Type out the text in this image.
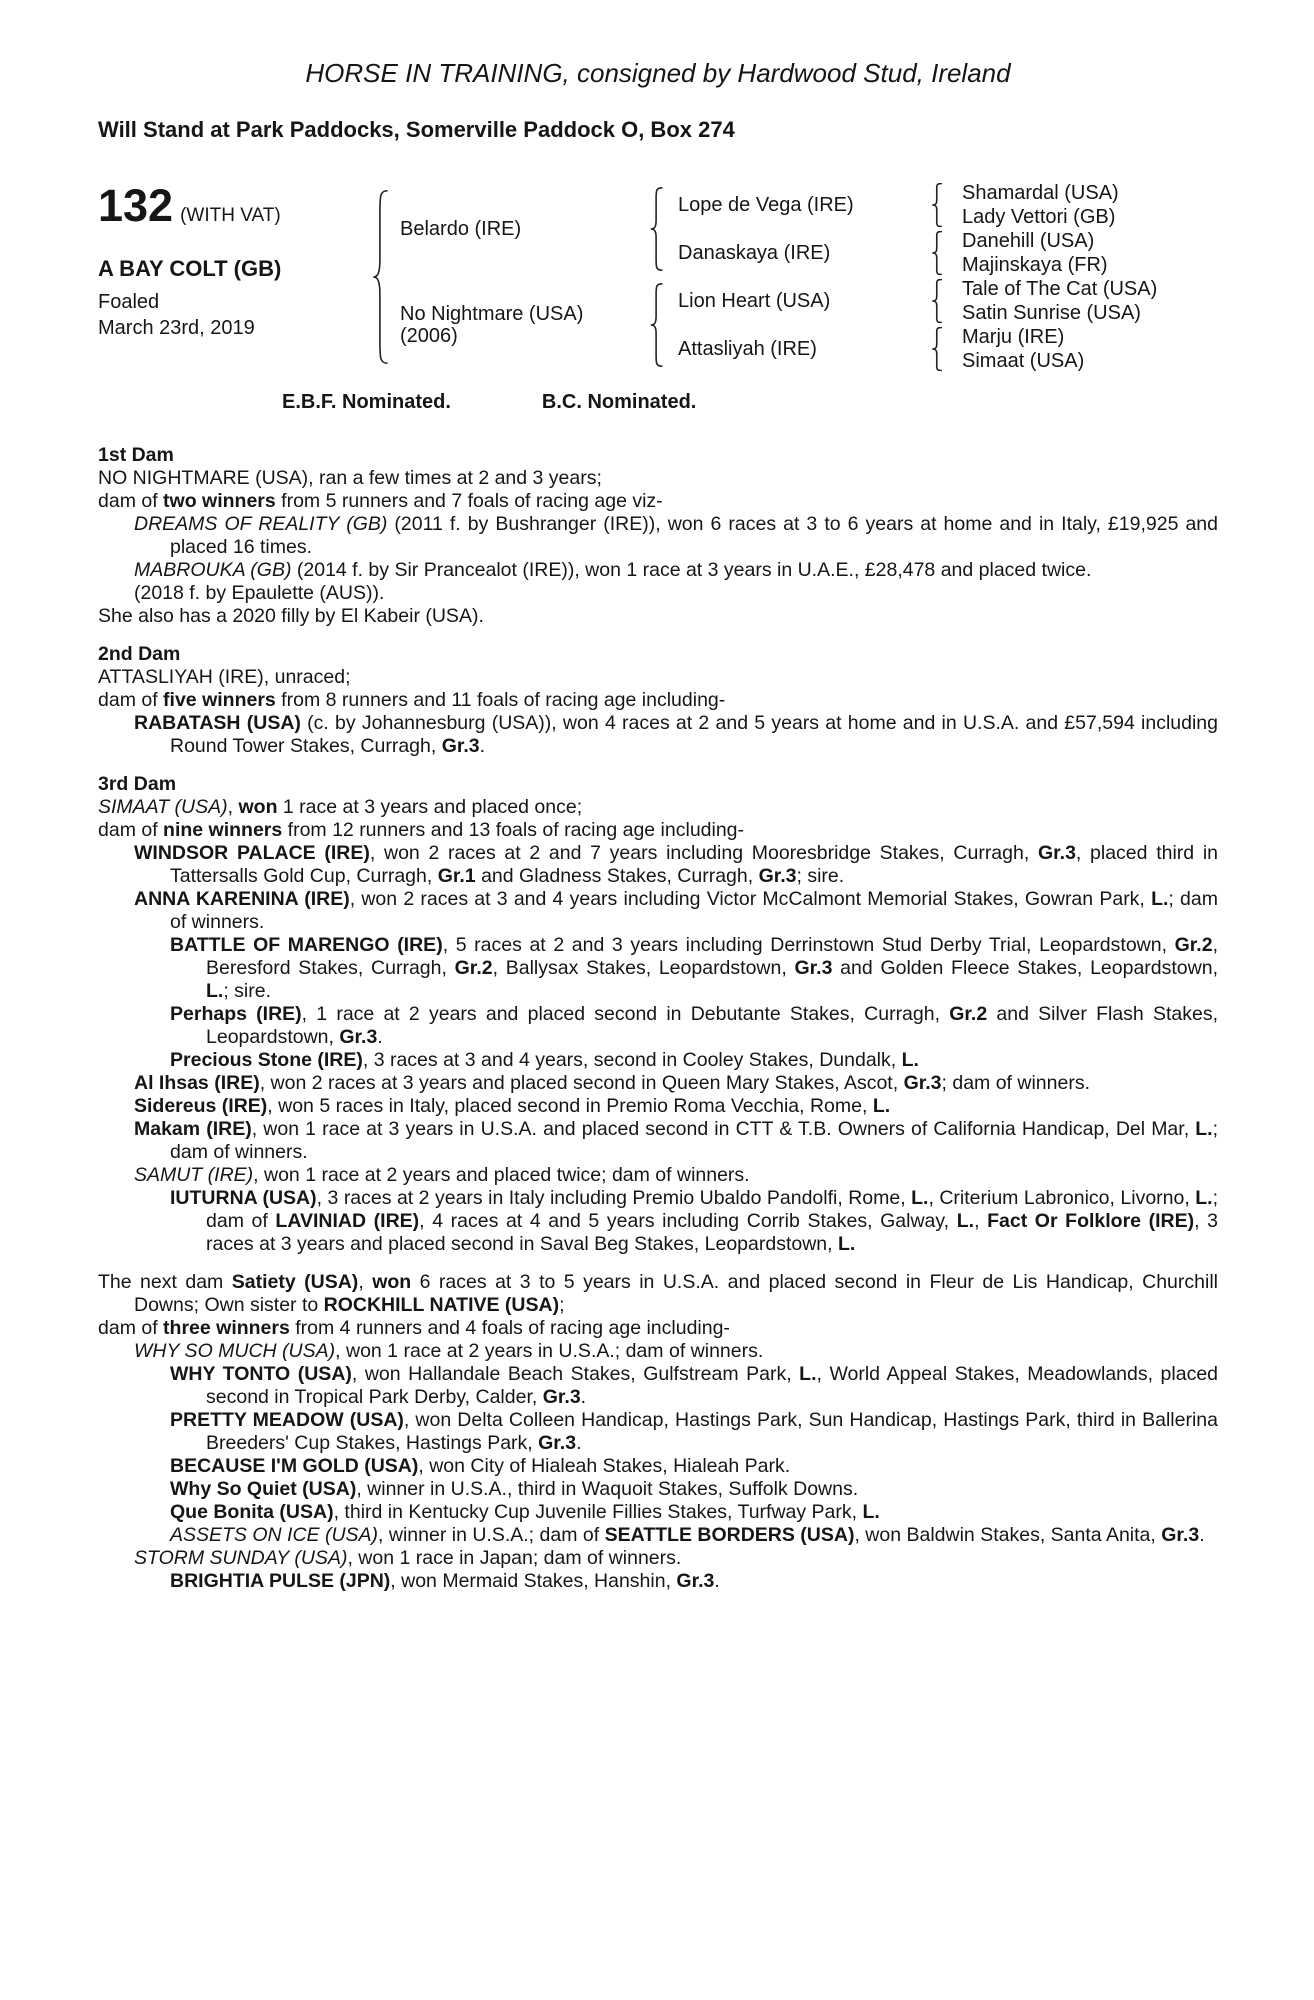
HORSE IN TRAINING, consigned by Hardwood Stud, Ireland
Will Stand at Park Paddocks, Somerville Paddock O, Box 274
132 (WITH VAT)
A BAY COLT (GB)
Foaled
March 23rd, 2019
Belardo (IRE)
No Nightmare (USA)
(2006)
Lope de Vega (IRE)
Danaskaya (IRE)
Lion Heart (USA)
Attasliyah (IRE)
Shamardal (USA)
Lady Vettori (GB)
Danehill (USA)
Majinskaya (FR)
Tale of The Cat (USA)
Satin Sunrise (USA)
Marju (IRE)
Simaat (USA)
E.B.F. Nominated.	B.C. Nominated.
1st Dam
NO NIGHTMARE (USA), ran a few times at 2 and 3 years;
dam of two winners from 5 runners and 7 foals of racing age viz-
DREAMS OF REALITY (GB) (2011 f. by Bushranger (IRE)), won 6 races at 3 to 6 years at home and in Italy, £19,925 and placed 16 times.
MABROUKA (GB) (2014 f. by Sir Prancealot (IRE)), won 1 race at 3 years in U.A.E., £28,478 and placed twice.
(2018 f. by Epaulette (AUS)).
She also has a 2020 filly by El Kabeir (USA).
2nd Dam
ATTASLIYAH (IRE), unraced;
dam of five winners from 8 runners and 11 foals of racing age including-
RABATASH (USA) (c. by Johannesburg (USA)), won 4 races at 2 and 5 years at home and in U.S.A. and £57,594 including Round Tower Stakes, Curragh, Gr.3.
3rd Dam
SIMAAT (USA), won 1 race at 3 years and placed once;
dam of nine winners from 12 runners and 13 foals of racing age including-
WINDSOR PALACE (IRE), won 2 races at 2 and 7 years including Mooresbridge Stakes, Curragh, Gr.3, placed third in Tattersalls Gold Cup, Curragh, Gr.1 and Gladness Stakes, Curragh, Gr.3; sire.
ANNA KARENINA (IRE), won 2 races at 3 and 4 years including Victor McCalmont Memorial Stakes, Gowran Park, L.; dam of winners.
BATTLE OF MARENGO (IRE), 5 races at 2 and 3 years including Derrinstown Stud Derby Trial, Leopardstown, Gr.2, Beresford Stakes, Curragh, Gr.2, Ballysax Stakes, Leopardstown, Gr.3 and Golden Fleece Stakes, Leopardstown, L.; sire.
Perhaps (IRE), 1 race at 2 years and placed second in Debutante Stakes, Curragh, Gr.2 and Silver Flash Stakes, Leopardstown, Gr.3.
Precious Stone (IRE), 3 races at 3 and 4 years, second in Cooley Stakes, Dundalk, L.
Al Ihsas (IRE), won 2 races at 3 years and placed second in Queen Mary Stakes, Ascot, Gr.3; dam of winners.
Sidereus (IRE), won 5 races in Italy, placed second in Premio Roma Vecchia, Rome, L.
Makam (IRE), won 1 race at 3 years in U.S.A. and placed second in CTT & T.B. Owners of California Handicap, Del Mar, L.; dam of winners.
SAMUT (IRE), won 1 race at 2 years and placed twice; dam of winners.
IUTURNA (USA), 3 races at 2 years in Italy including Premio Ubaldo Pandolfi, Rome, L., Criterium Labronico, Livorno, L.; dam of LAVINIAD (IRE), 4 races at 4 and 5 years including Corrib Stakes, Galway, L., Fact Or Folklore (IRE), 3 races at 3 years and placed second in Saval Beg Stakes, Leopardstown, L.
The next dam Satiety (USA), won 6 races at 3 to 5 years in U.S.A. and placed second in Fleur de Lis Handicap, Churchill Downs; Own sister to ROCKHILL NATIVE (USA);
dam of three winners from 4 runners and 4 foals of racing age including-
WHY SO MUCH (USA), won 1 race at 2 years in U.S.A.; dam of winners.
WHY TONTO (USA), won Hallandale Beach Stakes, Gulfstream Park, L., World Appeal Stakes, Meadowlands, placed second in Tropical Park Derby, Calder, Gr.3.
PRETTY MEADOW (USA), won Delta Colleen Handicap, Hastings Park, Sun Handicap, Hastings Park, third in Ballerina Breeders' Cup Stakes, Hastings Park, Gr.3.
BECAUSE I'M GOLD (USA), won City of Hialeah Stakes, Hialeah Park.
Why So Quiet (USA), winner in U.S.A., third in Waquoit Stakes, Suffolk Downs.
Que Bonita (USA), third in Kentucky Cup Juvenile Fillies Stakes, Turfway Park, L.
ASSETS ON ICE (USA), winner in U.S.A.; dam of SEATTLE BORDERS (USA), won Baldwin Stakes, Santa Anita, Gr.3.
STORM SUNDAY (USA), won 1 race in Japan; dam of winners.
BRIGHTIA PULSE (JPN), won Mermaid Stakes, Hanshin, Gr.3.
